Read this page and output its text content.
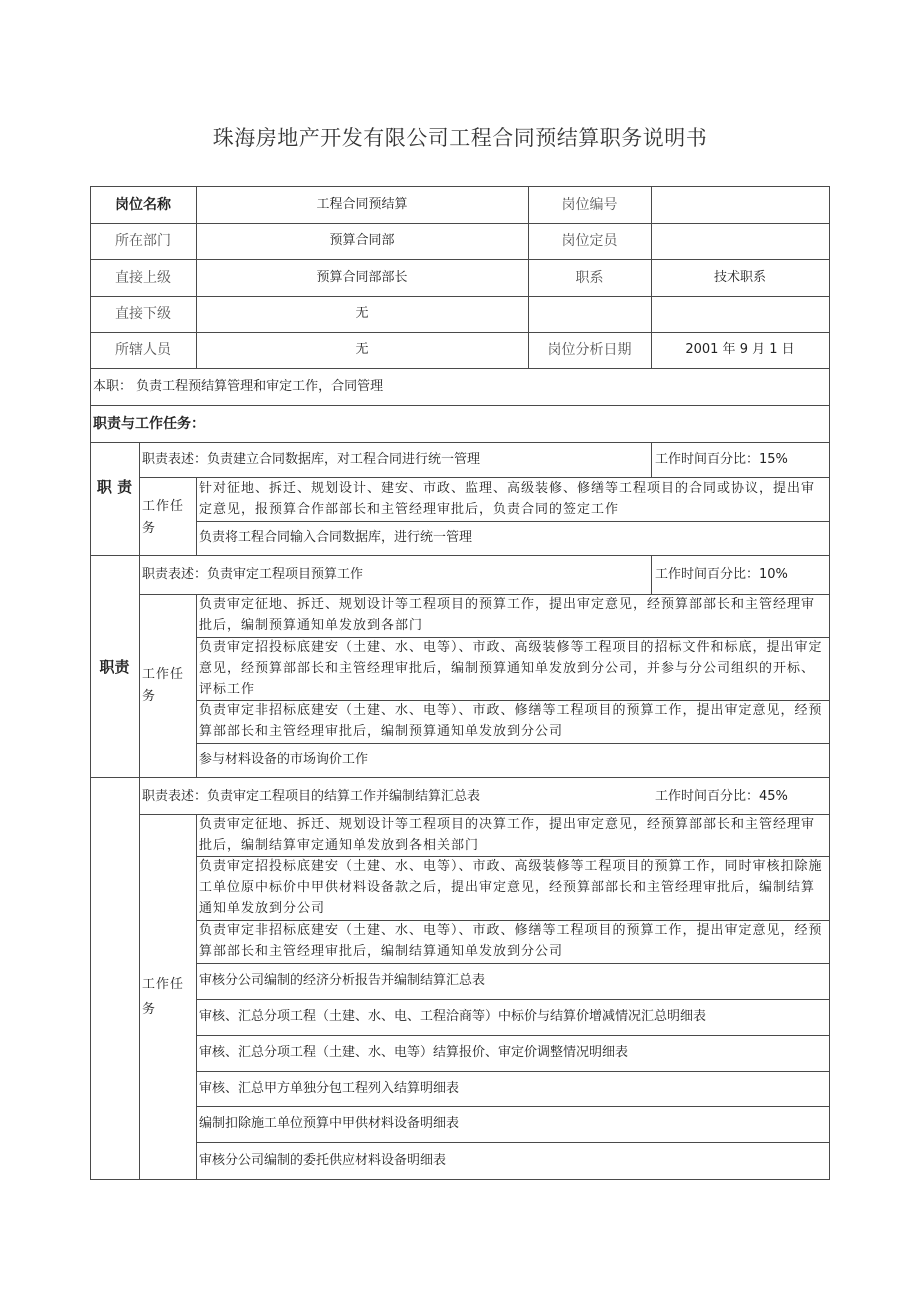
珠海房地产开发有限公司工程合同预结算职务说明书
岗位名称	工程合同预结算	岗位编号
所在部门	预算合同部	岗位定员
直接上级	预算合同部部长	职系	技术职系
直接下级	无
所辖人员	无	岗位分析日期	2001 年 9 月 1 日
本职： 负责工程预结算管理和审定工作，合同管理
职责与工作任务：
职 责
职责表述：负责建立合同数据库，对工程合同进行统一管理	工作时间百分比：15%
工作任务
针对征地、拆迁、规划设计、建安、市政、监理、高级装修、修缮等工程项目的合同或协议，提出审定意见，报预算合作部部长和主管经理审批后，负责合同的签定工作
负责将工程合同输入合同数据库，进行统一管理
职责
职责表述：负责审定工程项目预算工作	工作时间百分比：10%
工作任务
负责审定征地、拆迁、规划设计等工程项目的预算工作，提出审定意见，经预算部部长和主管经理审批后，编制预算通知单发放到各部门
负责审定招投标底建安（土建、水、电等）、市政、高级装修等工程项目的招标文件和标底，提出审定意见，经预算部部长和主管经理审批后，编制预算通知单发放到分公司，并参与分公司组织的开标、评标工作
负责审定非招标底建安（土建、水、电等）、市政、修缮等工程项目的预算工作，提出审定意见，经预算部部长和主管经理审批后，编制预算通知单发放到分公司
参与材料设备的市场询价工作
职责表述：负责审定工程项目的结算工作并编制结算汇总表	工作时间百分比：45%
工作任务
负责审定征地、拆迁、规划设计等工程项目的决算工作，提出审定意见，经预算部部长和主管经理审批后，编制结算审定通知单发放到各相关部门
负责审定招投标底建安（土建、水、电等）、市政、高级装修等工程项目的预算工作，同时审核扣除施工单位原中标价中甲供材料设备款之后，提出审定意见，经预算部部长和主管经理审批后，编制结算通知单发放到分公司
负责审定非招标底建安（土建、水、电等）、市政、修缮等工程项目的预算工作，提出审定意见，经预算部部长和主管经理审批后，编制结算通知单发放到分公司
审核分公司编制的经济分析报告并编制结算汇总表
审核、汇总分项工程（土建、水、电、工程洽商等）中标价与结算价增减情况汇总明细表
审核、汇总分项工程（土建、水、电等）结算报价、审定价调整情况明细表
审核、汇总甲方单独分包工程列入结算明细表
编制扣除施工单位预算中甲供材料设备明细表
审核分公司编制的委托供应材料设备明细表
